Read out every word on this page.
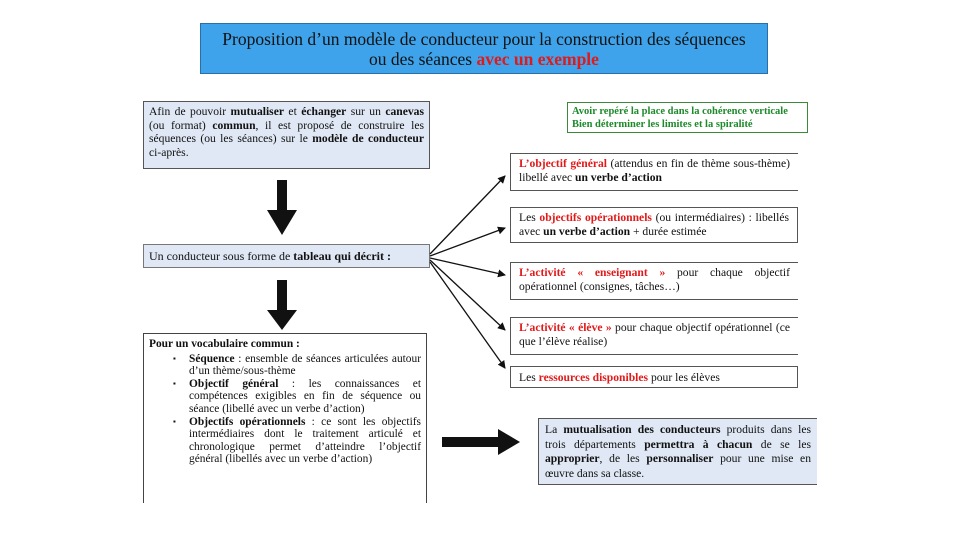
Proposition d’un modèle de conducteur pour la construction des séquences
ou des séances avec un exemple
Afin de pouvoir mutualiser et échanger sur un canevas (ou format) commun, il est proposé de construire les séquences (ou les séances) sur le modèle de conducteur ci-après.
Un conducteur sous forme de tableau qui décrit :
Pour un vocabulaire commun :
▪ Séquence : ensemble de séances articulées autour d’un thème/sous-thème
▪ Objectif général : les connaissances et compétences exigibles en fin de séquence ou séance (libellé avec un verbe d’action)
▪ Objectifs opérationnels : ce sont les objectifs intermédiaires dont le traitement articulé et chronologique permet d’atteindre l’objectif général (libellés avec un verbe d’action)
Avoir repéré la place dans la cohérence verticale
Bien déterminer les limites et la spiralité
L’objectif général (attendus en fin de thème sous-thème) libellé avec un verbe d’action
Les objectifs opérationnels (ou intermédiaires) : libellés avec un verbe d’action + durée estimée
L’activité « enseignant » pour chaque objectif opérationnel (consignes, tâches…)
L’activité « élève » pour chaque objectif opérationnel (ce que l’élève réalise)
Les ressources disponibles pour les élèves
La mutualisation des conducteurs produits dans les trois départements permettra à chacun de se les approprier, de les personnaliser pour une mise en œuvre dans sa classe.
